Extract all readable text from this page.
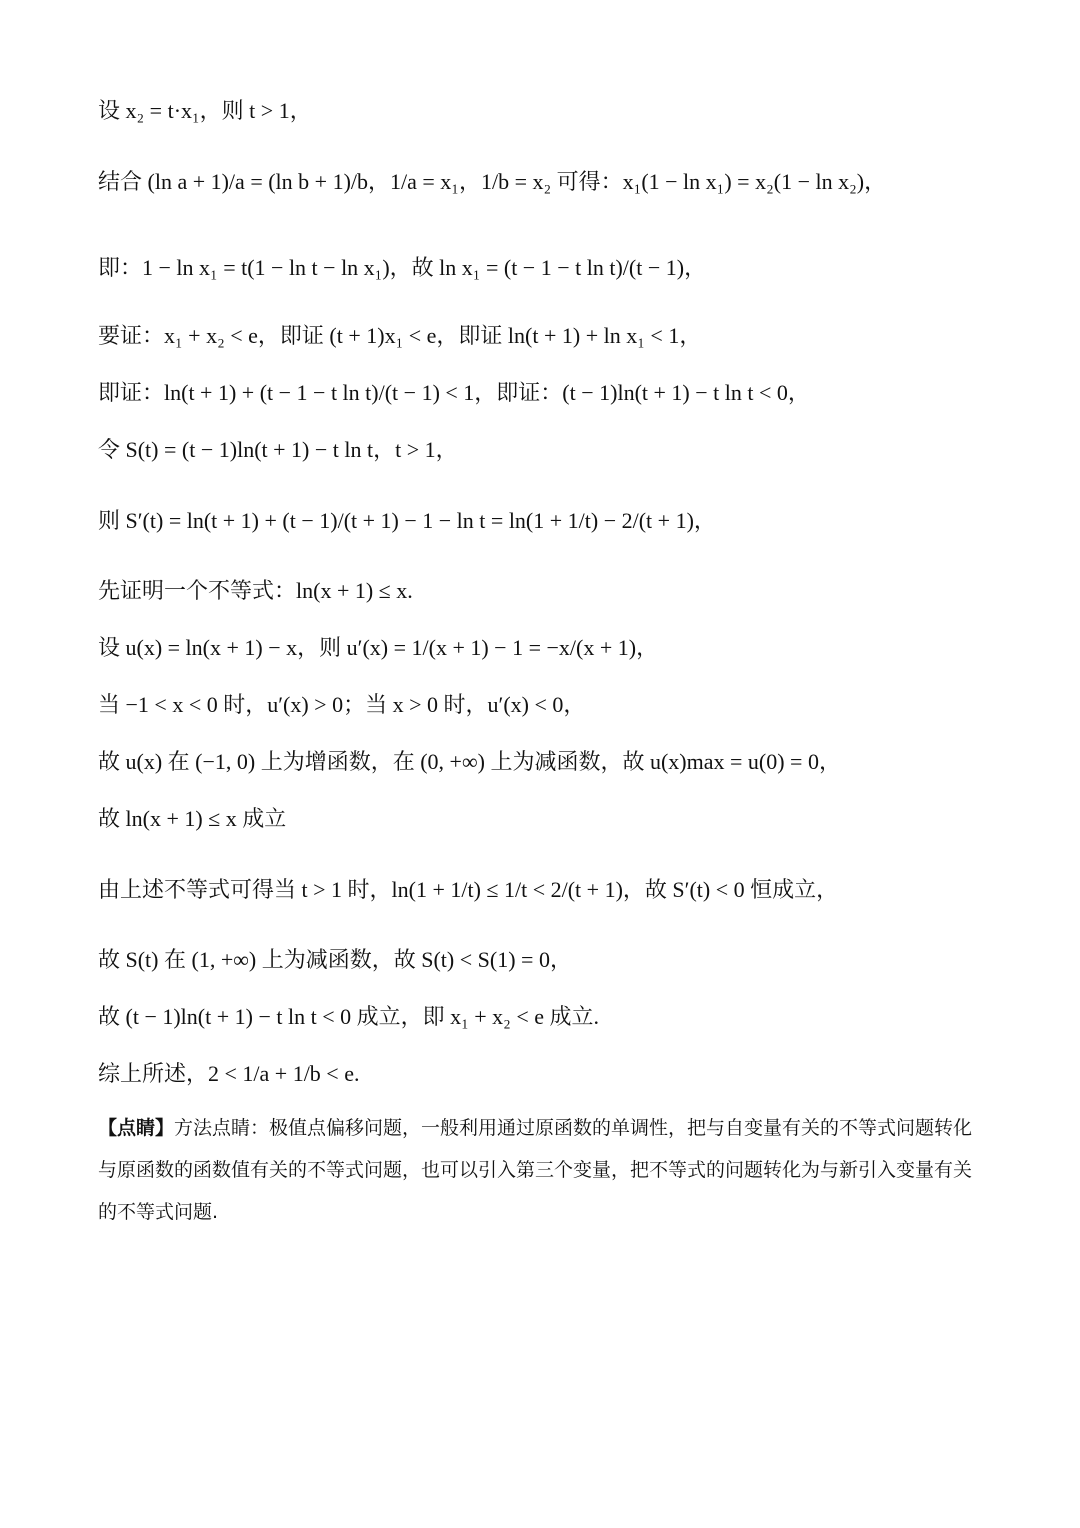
设 x₂ = t·x₁，则 t > 1，
结合 (ln a + 1)/a = (ln b + 1)/b，1/a = x₁，1/b = x₂ 可得：x₁(1 − ln x₁) = x₂(1 − ln x₂)，
即：1 − ln x₁ = t(1 − ln t − ln x₁)，故 ln x₁ = (t − 1 − t ln t)/(t − 1)，
要证：x₁ + x₂ < e，即证 (t + 1)x₁ < e，即证 ln(t + 1) + ln x₁ < 1，
即证：ln(t + 1) + (t − 1 − t ln t)/(t − 1) < 1，即证：(t − 1)ln(t + 1) − t ln t < 0，
令 S(t) = (t − 1)ln(t + 1) − t ln t，t > 1，
则 S′(t) = ln(t + 1) + (t − 1)/(t + 1) − 1 − ln t = ln(1 + 1/t) − 2/(t + 1)，
先证明一个不等式：ln(x + 1) ≤ x.
设 u(x) = ln(x + 1) − x，则 u′(x) = 1/(x + 1) − 1 = −x/(x + 1)，
当 −1 < x < 0 时，u′(x) > 0；当 x > 0 时，u′(x) < 0，
故 u(x) 在 (−1, 0) 上为增函数，在 (0, +∞) 上为减函数，故 u(x)max = u(0) = 0，
故 ln(x + 1) ≤ x 成立
由上述不等式可得当 t > 1 时，ln(1 + 1/t) ≤ 1/t < 2/(t + 1)，故 S′(t) < 0 恒成立，
故 S(t) 在 (1, +∞) 上为减函数，故 S(t) < S(1) = 0，
故 (t − 1)ln(t + 1) − t ln t < 0 成立，即 x₁ + x₂ < e 成立.
综上所述，2 < 1/a + 1/b < e.
【点睛】方法点睛：极值点偏移问题，一般利用通过原函数的单调性，把与自变量有关的不等式问题转化与原函数的函数值有关的不等式问题，也可以引入第三个变量，把不等式的问题转化为与新引入变量有关的不等式问题.
